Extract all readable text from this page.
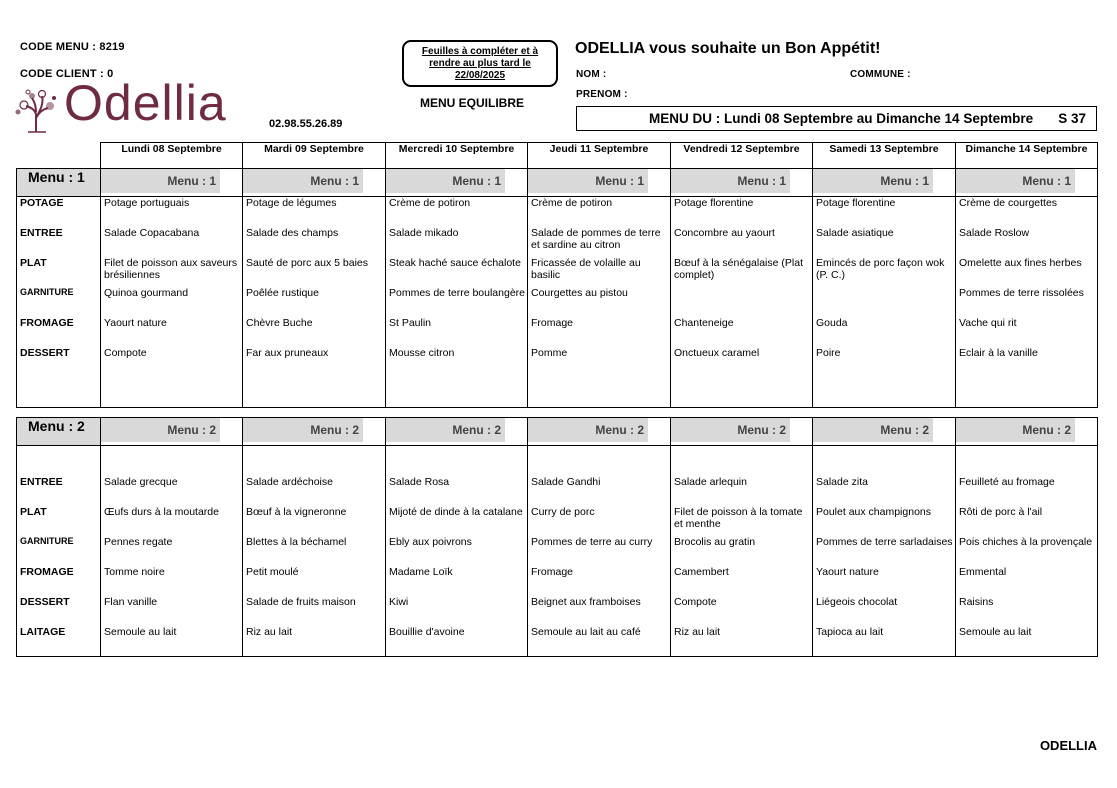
CODE MENU : 8219
CODE CLIENT : 0
Odellia	02.98.55.26.89
Feuilles à compléter et à
rendre au plus tard le
22/08/2025
MENU EQUILIBRE
ODELLIA vous souhaite un Bon Appétit!
NOM :	COMMUNE :
PRENOM :
MENU DU : Lundi 08 Septembre au Dimanche 14 Septembre S 37
	Lundi 08 Septembre	Mardi 09 Septembre	Mercredi 10 Septembre	Jeudi 11 Septembre	Vendredi 12 Septembre	Samedi 13 Septembre	Dimanche 14 Septembre
Menu : 1	Menu : 1	Menu : 1	Menu : 1	Menu : 1	Menu : 1	Menu : 1	Menu : 1

POTAGE	Potage portuguais	Potage de légumes	Crème de potiron	Crème de potiron	Potage florentine	Potage florentine	Crème de courgettes
ENTREE	Salade Copacabana	Salade des champs	Salade mikado	Salade de pommes de terre et sardine au citron	Concombre au yaourt	Salade asiatique	Salade Roslow
PLAT	Filet de poisson aux saveurs brésiliennes	Sauté de porc aux 5 baies	Steak haché sauce échalote	Fricassée de volaille au basilic	Bœuf à la sénégalaise (Plat complet)	Emincés de porc façon wok (P. C.)	Omelette aux fines herbes
GARNITURE	Quinoa gourmand	Poêlée rustique	Pommes de terre boulangère	Courgettes au pistou			Pommes de terre rissolées
FROMAGE	Yaourt nature	Chèvre Buche	St Paulin	Fromage	Chanteneige	Gouda	Vache qui rit
DESSERT	Compote	Far aux pruneaux	Mousse citron	Pomme	Onctueux caramel	Poire	Eclair à la vanille

Menu : 2	Menu : 2	Menu : 2	Menu : 2	Menu : 2	Menu : 2	Menu : 2	Menu : 2

ENTREE	Salade grecque	Salade ardéchoise	Salade Rosa	Salade Gandhi	Salade arlequin	Salade zita	Feuilleté au fromage
PLAT	Œufs durs à la moutarde	Bœuf à la vigneronne	Mijoté de dinde à la catalane	Curry de porc	Filet de poisson à la tomate et menthe	Poulet aux champignons	Rôti de porc à l'ail
GARNITURE	Pennes regate	Blettes à la béchamel	Ebly aux poivrons	Pommes de terre au curry	Brocolis au gratin	Pommes de terre sarladaises	Pois chiches à la provençale
FROMAGE	Tomme noire	Petit moulé	Madame Loïk	Fromage	Camembert	Yaourt nature	Emmental
DESSERT	Flan vanille	Salade de fruits maison	Kiwi	Beignet aux framboises	Compote	Liégeois chocolat	Raisins
LAITAGE	Semoule au lait	Riz au lait	Bouillie d'avoine	Semoule au lait au café	Riz au lait	Tapioca au lait	Semoule au lait
ODELLIA
